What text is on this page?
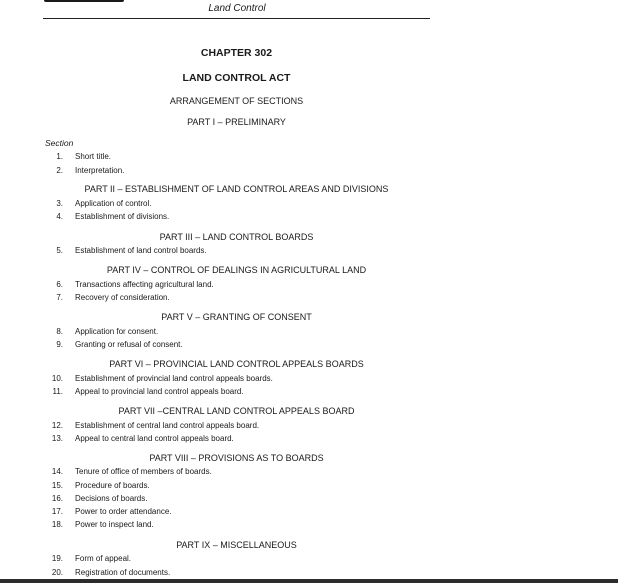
Land Control
CHAPTER 302
LAND CONTROL ACT
ARRANGEMENT OF SECTIONS
PART I – PRELIMINARY
Section
1. Short title.
2. Interpretation.
PART II – ESTABLISHMENT OF LAND CONTROL AREAS AND DIVISIONS
3. Application of control.
4. Establishment of divisions.
PART III – LAND CONTROL BOARDS
5. Establishment of land control boards.
PART IV – CONTROL OF DEALINGS IN AGRICULTURAL LAND
6. Transactions affecting agricultural land.
7. Recovery of consideration.
PART V – GRANTING OF CONSENT
8. Application for consent.
9. Granting or refusal of consent.
PART VI – PROVINCIAL LAND CONTROL APPEALS BOARDS
10. Establishment of provincial land control appeals boards.
11. Appeal to provincial land control appeals board.
PART VII –CENTRAL LAND CONTROL APPEALS BOARD
12. Establishment of central land control appeals board.
13. Appeal to central land control appeals board.
PART VIII – PROVISIONS AS TO BOARDS
14. Tenure of office of members of boards.
15. Procedure of boards.
16. Decisions of boards.
17. Power to order attendance.
18. Power to inspect land.
PART IX – MISCELLANEOUS
19. Form of appeal.
20. Registration of documents.
